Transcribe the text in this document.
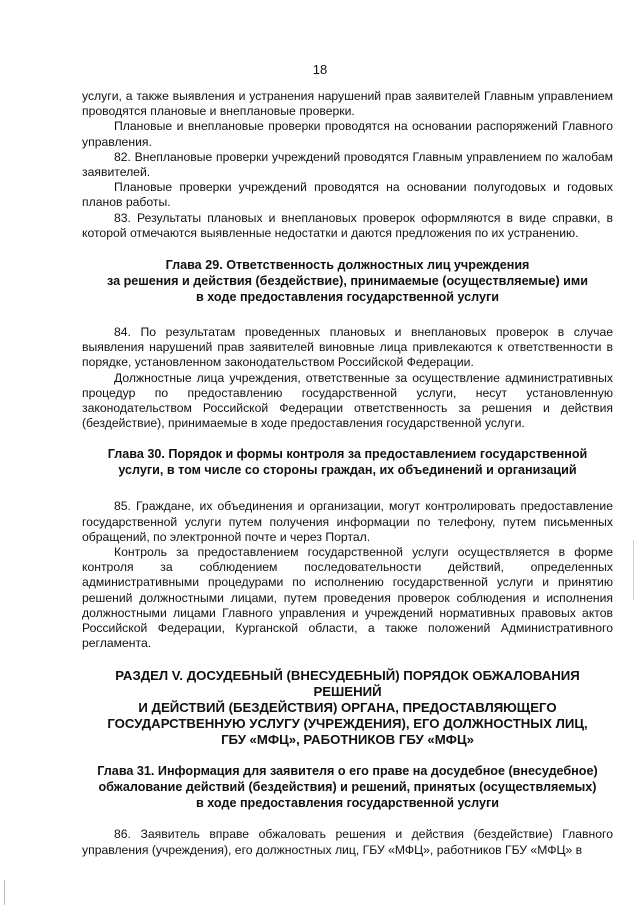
18

услуги, а также выявления и устранения нарушений прав заявителей Главным управлением проводятся плановые и внеплановые проверки.

Плановые и внеплановые проверки проводятся на основании распоряжений Главного управления.

82. Внеплановые проверки учреждений проводятся Главным управлением по жалобам заявителей.

Плановые проверки учреждений проводятся на основании полугодовых и годовых планов работы.

83. Результаты плановых и внеплановых проверок оформляются в виде справки, в которой отмечаются выявленные недостатки и даются предложения по их устранению.

Глава 29. Ответственность должностных лиц учреждения
за решения и действия (бездействие), принимаемые (осуществляемые) ими
в ходе предоставления государственной услуги

84. По результатам проведенных плановых и внеплановых проверок в случае выявления нарушений прав заявителей виновные лица привлекаются к ответственности в порядке, установленном законодательством Российской Федерации.

Должностные лица учреждения, ответственные за осуществление административных процедур по предоставлению государственной услуги, несут установленную законодательством Российской Федерации ответственность за решения и действия (бездействие), принимаемые в ходе предоставления государственной услуги.

Глава 30. Порядок и формы контроля за предоставлением государственной
услуги, в том числе со стороны граждан, их объединений и организаций

85. Граждане, их объединения и организации, могут контролировать предоставление государственной услуги путем получения информации по телефону, путем письменных обращений, по электронной почте и через Портал.

Контроль за предоставлением государственной услуги осуществляется в форме контроля за соблюдением последовательности действий, определенных административными процедурами по исполнению государственной услуги и принятию решений должностными лицами, путем проведения проверок соблюдения и исполнения должностными лицами Главного управления и учреждений нормативных правовых актов Российской Федерации, Курганской области, а также положений Административного регламента.

РАЗДЕЛ V. ДОСУДЕБНЫЙ (ВНЕСУДЕБНЫЙ) ПОРЯДОК ОБЖАЛОВАНИЯ РЕШЕНИЙ
И ДЕЙСТВИЙ (БЕЗДЕЙСТВИЯ) ОРГАНА, ПРЕДОСТАВЛЯЮЩЕГО
ГОСУДАРСТВЕННУЮ УСЛУГУ (УЧРЕЖДЕНИЯ), ЕГО ДОЛЖНОСТНЫХ ЛИЦ,
ГБУ «МФЦ», РАБОТНИКОВ ГБУ «МФЦ»
Глава 31. Информация для заявителя о его праве на досудебное (внесудебное)
обжалование действий (бездействия) и решений, принятых (осуществляемых)
в ходе предоставления государственной услуги

86. Заявитель вправе обжаловать решения и действия (бездействие) Главного управления (учреждения), его должностных лиц, ГБУ «МФЦ», работников ГБУ «МФЦ» в
